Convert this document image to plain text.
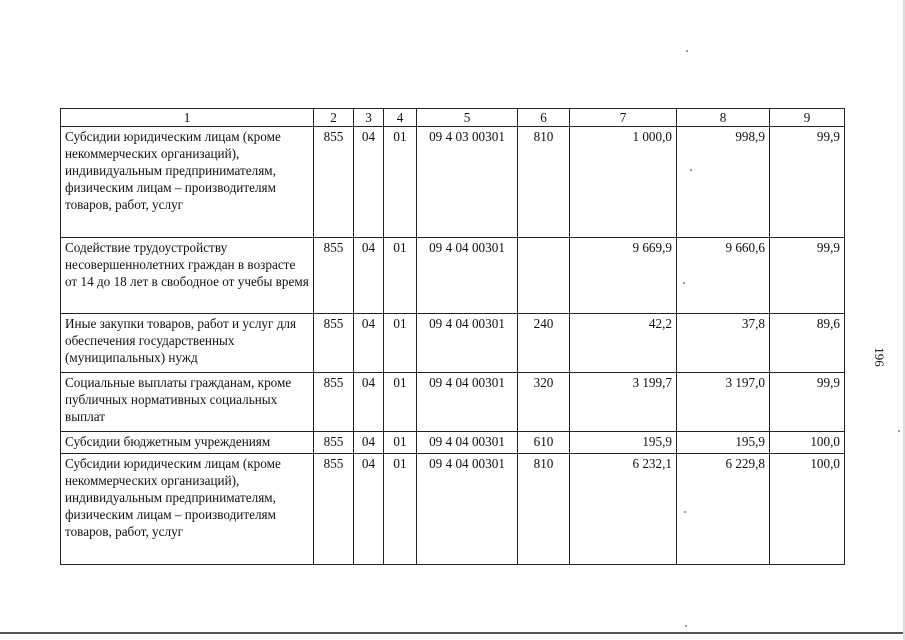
1	2	3	4	5	6	7	8	9
Субсидии юридическим лицам (кроме некоммерческих организаций), индивидуальным предпринимателям, физическим лицам – производителям товаров, работ, услуг	855	04	01	09 4 03 00301	810	1 000,0	998,9	99,9
Содействие трудоустройству несовершеннолетних граждан в возрасте от 14 до 18 лет в свободное от учебы время	855	04	01	09 4 04 00301		9 669,9	9 660,6	99,9
Иные закупки товаров, работ и услуг для обеспечения государственных (муниципальных) нужд	855	04	01	09 4 04 00301	240	42,2	37,8	89,6
Социальные выплаты гражданам, кроме публичных нормативных социальных выплат	855	04	01	09 4 04 00301	320	3 199,7	3 197,0	99,9
Субсидии бюджетным учреждениям	855	04	01	09 4 04 00301	610	195,9	195,9	100,0
Субсидии юридическим лицам (кроме некоммерческих организаций), индивидуальным предпринимателям, физическим лицам – производителям товаров, работ, услуг	855	04	01	09 4 04 00301	810	6 232,1	6 229,8	100,0
196
